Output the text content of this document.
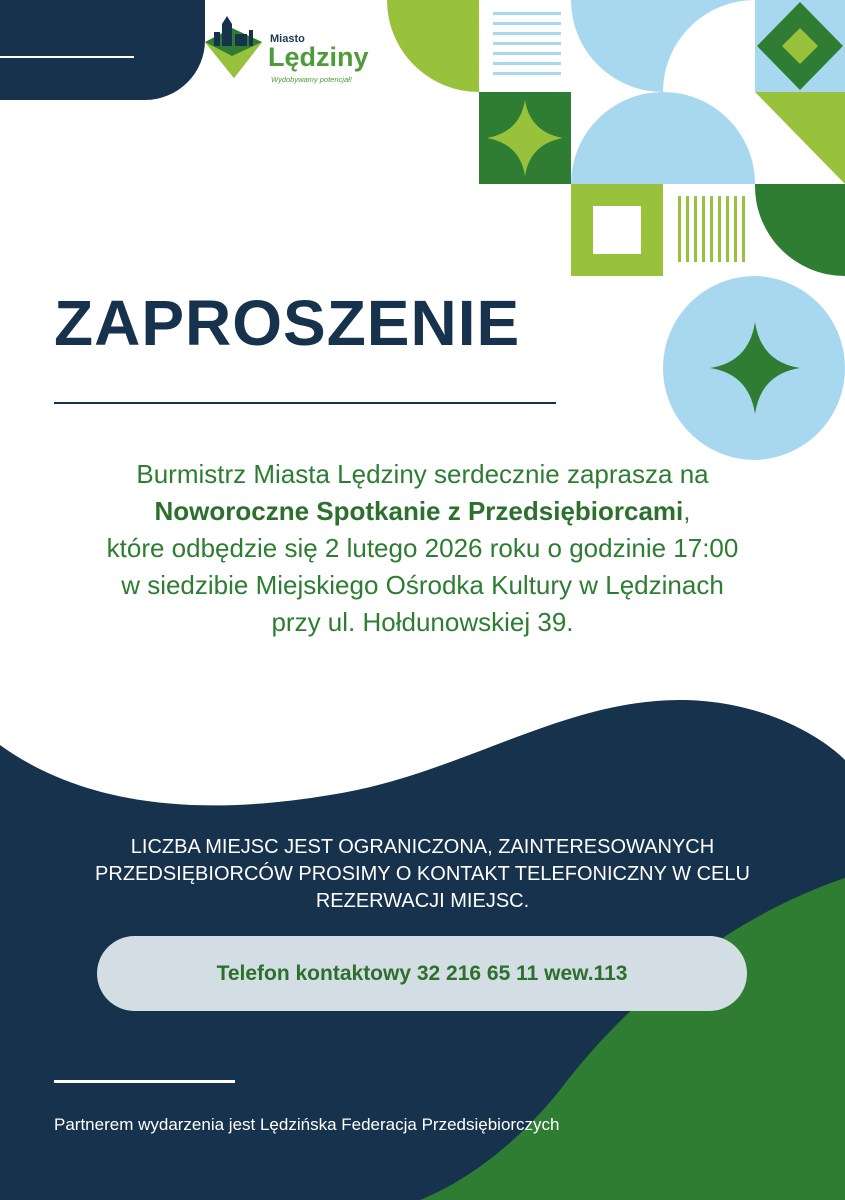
Miasto
Lędziny
Wydobywamy potencjał!
ZAPROSZENIE
Burmistrz Miasta Lędziny serdecznie zaprasza na
Noworoczne Spotkanie z Przedsiębiorcami,
które odbędzie się 2 lutego 2026 roku o godzinie 17:00
w siedzibie Miejskiego Ośrodka Kultury w Lędzinach
przy ul. Hołdunowskiej 39.
LICZBA MIEJSC JEST OGRANICZONA, ZAINTERESOWANYCH
PRZEDSIĘBIORCÓW PROSIMY O KONTAKT TELEFONICZNY W CELU
REZERWACJI MIEJSC.
Telefon kontaktowy 32 216 65 11 wew.113
Partnerem wydarzenia jest Lędzińska Federacja Przedsiębiorczych
